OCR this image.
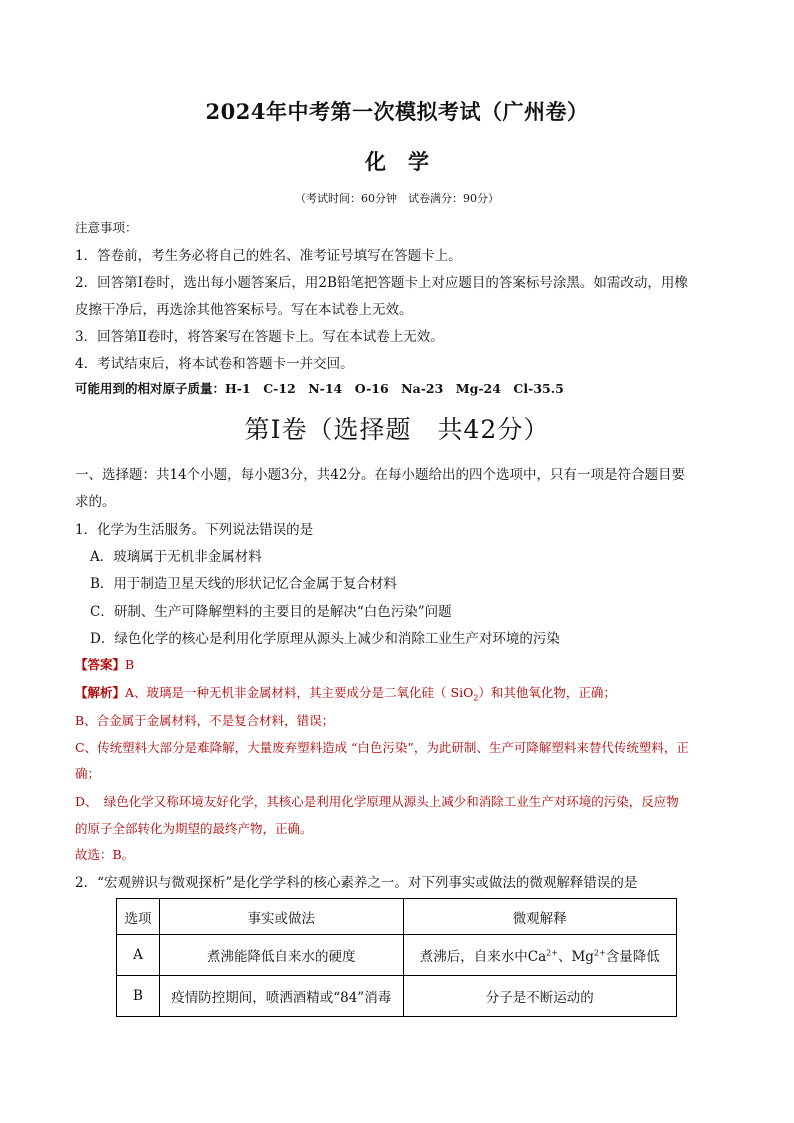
2024年中考第一次模拟考试（广州卷）
化学
（考试时间：60分钟　试卷满分：90分）
注意事项：
1．答卷前，考生务必将自己的姓名、准考证号填写在答题卡上。
2．回答第Ⅰ卷时，选出每小题答案后，用2B铅笔把答题卡上对应题目的答案标号涂黑。如需改动，用橡
皮擦干净后，再选涂其他答案标号。写在本试卷上无效。
3．回答第Ⅱ卷时，将答案写在答题卡上。写在本试卷上无效。
4．考试结束后，将本试卷和答题卡一并交回。
可能用到的相对原子质量：H-1　C-12　N-14　O-16　Na-23　Mg-24　Cl-35.5
第Ⅰ卷（选择题　共42分）
一、选择题：共14个小题，每小题3分，共42分。在每小题给出的四个选项中，只有一项是符合题目要
求的。
1．化学为生活服务。下列说法错误的是
A．玻璃属于无机非金属材料
B．用于制造卫星天线的形状记忆合金属于复合材料
C．研制、生产可降解塑料的主要目的是解决“白色污染”问题
D．绿色化学的核心是利用化学原理从源头上减少和消除工业生产对环境的污染
【答案】B
【解析】A、玻璃是一种无机非金属材料，其主要成分是二氧化硅（ SiO$_2$）和其他氧化物，正确；
B、合金属于金属材料，不是复合材料，错误；
C、传统塑料大部分是难降解，大量废弃塑料造成 “白色污染”，为此研制、生产可降解塑料来替代传统塑料，正
确；
D、　绿色化学又称环境友好化学，其核心是利用化学原理从源头上减少和消除工业生产对环境的污染，反应物
的原子全部转化为期望的最终产物，正确。
故选：B。
2．“宏观辨识与微观探析”是化学学科的核心素养之一。对下列事实或做法的微观解释错误的是
选项	事实或做法	微观解释
A	煮沸能降低自来水的硬度	煮沸后，自来水中$Ca^{2+}$、$Mg^{2+}$含量降低
B	疫情防控期间，喷洒酒精或“84”消毒	分子是不断运动的
